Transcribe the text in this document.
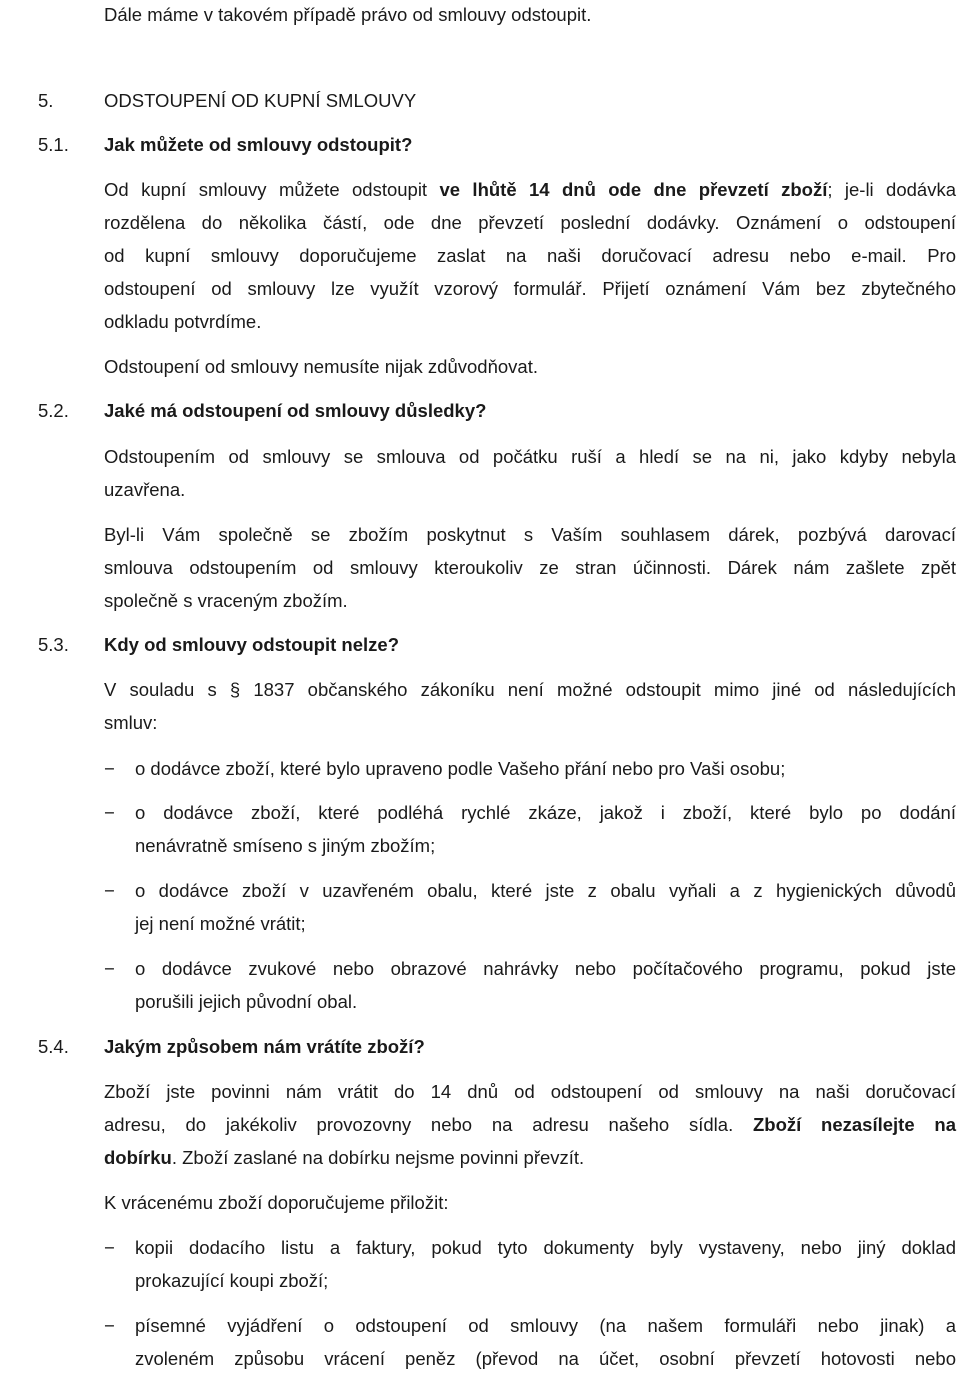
Dále máme v takovém případě právo od smlouvy odstoupit.
5.	ODSTOUPENÍ OD KUPNÍ SMLOUVY
5.1. Jak můžete od smlouvy odstoupit?
Od kupní smlouvy můžete odstoupit ve lhůtě 14 dnů ode dne převzetí zboží; je-li dodávka
rozdělena do několika částí, ode dne převzetí poslední dodávky. Oznámení o odstoupení
od kupní smlouvy doporučujeme zaslat na naši doručovací adresu nebo e-mail. Pro
odstoupení od smlouvy lze využít vzorový formulář. Přijetí oznámení Vám bez zbytečného
odkladu potvrdíme.
Odstoupení od smlouvy nemusíte nijak zdůvodňovat.
5.2. Jaké má odstoupení od smlouvy důsledky?
Odstoupením od smlouvy se smlouva od počátku ruší a hledí se na ni, jako kdyby nebyla
uzavřena.
Byl-li Vám společně se zbožím poskytnut s Vaším souhlasem dárek, pozbývá darovací
smlouva odstoupením od smlouvy kteroukoliv ze stran účinnosti. Dárek nám zašlete zpět
společně s vraceným zbožím.
5.3. Kdy od smlouvy odstoupit nelze?
V souladu s § 1837 občanského zákoníku není možné odstoupit mimo jiné od následujících
smluv:
− o dodávce zboží, které bylo upraveno podle Vašeho přání nebo pro Vaši osobu;
− o dodávce zboží, které podléhá rychlé zkáze, jakož i zboží, které bylo po dodání
nenávratně smíseno s jiným zbožím;
− o dodávce zboží v uzavřeném obalu, které jste z obalu vyňali a z hygienických důvodů
jej není možné vrátit;
− o dodávce zvukové nebo obrazové nahrávky nebo počítačového programu, pokud jste
porušili jejich původní obal.
5.4. Jakým způsobem nám vrátíte zboží?
Zboží jste povinni nám vrátit do 14 dnů od odstoupení od smlouvy na naši doručovací
adresu, do jakékoliv provozovny nebo na adresu našeho sídla. Zboží nezasílejte na
dobírku. Zboží zaslané na dobírku nejsme povinni převzít.
K vrácenému zboží doporučujeme přiložit:
− kopii dodacího listu a faktury, pokud tyto dokumenty byly vystaveny, nebo jiný doklad
prokazující koupi zboží;
− písemné vyjádření o odstoupení od smlouvy (na našem formuláři nebo jinak) a
zvoleném způsobu vrácení peněz (převod na účet, osobní převzetí hotovosti nebo
